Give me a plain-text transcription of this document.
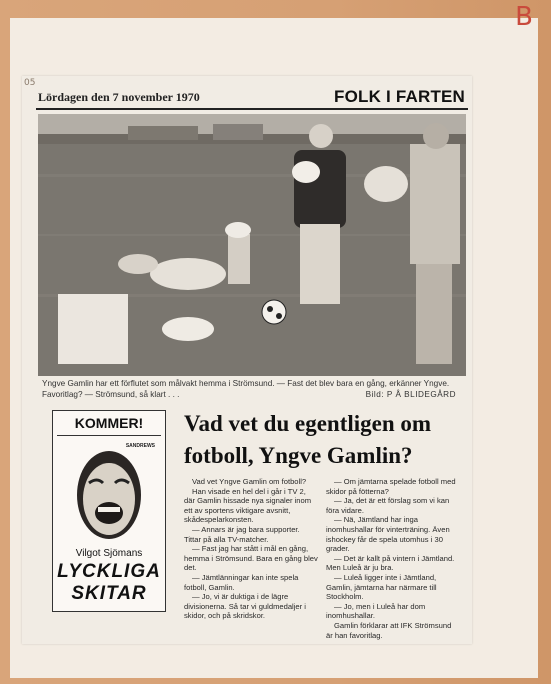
B
05
Lördagen den 7 november 1970	FOLK I FARTEN
Yngve Gamlin har ett förflutet som målvakt hemma i Strömsund. — Fast det blev bara en gång, erkänner Yngve. Favoritlag? — Strömsund, så klart . . .	Bild: P Å BLIDEGÅRD
KOMMER!
SANDREWS
Vilgot Sjömans
LYCKLIGA
SKITAR
Vad vet du egentligen om fotboll, Yngve Gamlin?

Vad vet Yngve Gamlin om fotboll?

Han visade en hel del i går i TV 2, där Gamlin hissade nya signaler inom ett av sportens viktigare avsnitt, skådespelarkonsten.

— Annars är jag bara supporter. Tittar på alla TV-matcher.

— Fast jag har stått i mål en gång, hemma i Strömsund. Bara en gång blev det.

— Jämtlänningar kan inte spela fotboll, Gamlin.

— Jo, vi är duktiga i de lägre divisionerna. Så tar vi guldmedaljer i skidor, och på skridskor.

— Om jämtarna spelade fotboll med skidor på fötterna?

— Ja, det är ett förslag som vi kan föra vidare.

— Nä, Jämtland har inga inomhushallar för vinterträning. Även ishockey får de spela utomhus i 30 grader.

— Det är kallt på vintern i Jämtland. Men Luleå är ju bra.

— Luleå ligger inte i Jämtland, Gamlin, jämtarna har närmare till Stockholm.

— Jo, men i Luleå har dom inomhushallar.

Gamlin förklarar att IFK Strömsund är han favoritlag.
